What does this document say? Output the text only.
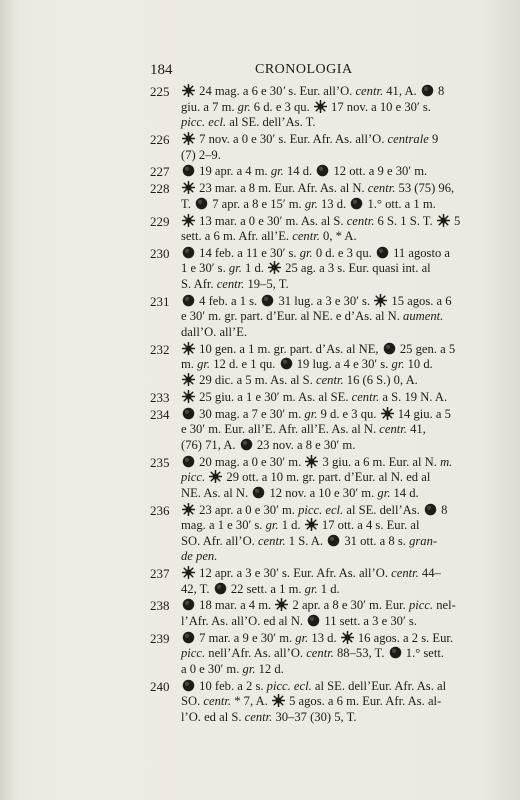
184	CRONOLOGIA
225	24 mag. a 6 e 30′ s. Eur. all’O. centr. 41, A.
8
giu. a 7 m. gr. 6 d. e 3 qu.
17 nov. a 10 e 30′ s.
picc. ecl. al SE. dell’As. T.
226	7 nov. a 0 e 30′ s. Eur. Afr. As. all’O. centrale 9
(7) 2–9.
227	19 apr. a 4 m. gr. 14 d.
12 ott. a 9 e 30′ m.
228	23 mar. a 8 m. Eur. Afr. As. al N. centr. 53 (75) 96,
T.
7 apr. a 8 e 15′ m. gr. 13 d.
1.° ott. a 1 m.
229	13 mar. a 0 e 30′ m. As. al S. centr. 6 S. 1 S. T.
5
sett. a 6 m. Afr. all’E. centr. 0, * A.
230	14 feb. a 11 e 30′ s. gr. 0 d. e 3 qu.
11 agosto a
1 e 30′ s. gr. 1 d.
25 ag. a 3 s. Eur. quasi int. al
S. Afr. centr. 19–5, T.
231	4 feb. a 1 s.
31 lug. a 3 e 30′ s.
15 agos. a 6
e 30′ m. gr. part. d’Eur. al NE. e d’As. al N. aument.
dall’O. all’E.
232	10 gen. a 1 m. gr. part. d’As. al NE,
25 gen. a 5
m. gr. 12 d. e 1 qu.
19 lug. a 4 e 30′ s. gr. 10 d.
29 dic. a 5 m. As. al S. centr. 16 (6 S.) 0, A.
233	25 giu. a 1 e 30′ m. As. al SE. centr. a S. 19 N. A.
234	30 mag. a 7 e 30′ m. gr. 9 d. e 3 qu.
14 giu. a 5
e 30′ m. Eur. all’E. Afr. all’E. As. al N. centr. 41,
(76) 71, A.
23 nov. a 8 e 30′ m.
235	20 mag. a 0 e 30′ m.
3 giu. a 6 m. Eur. al N. m.
picc.
29 ott. a 10 m. gr. part. d’Eur. al N. ed al
NE. As. al N.
12 nov. a 10 e 30′ m. gr. 14 d.
236	23 apr. a 0 e 30′ m. picc. ecl. al SE. dell’As.
8
mag. a 1 e 30′ s. gr. 1 d.
17 ott. a 4 s. Eur. al
SO. Afr. all’O. centr. 1 S. A.
31 ott. a 8 s. gran-
de pen.
237	12 apr. a 3 e 30′ s. Eur. Afr. As. all’O. centr. 44–
42, T.
22 sett. a 1 m. gr. 1 d.
238	18 mar. a 4 m.
2 apr. a 8 e 30′ m. Eur. picc. nel-
l’Afr. As. all’O. ed al N.
11 sett. a 3 e 30′ s.
239	7 mar. a 9 e 30′ m. gr. 13 d.
16 agos. a 2 s. Eur.
picc. nell’Afr. As. all’O. centr. 88–53, T.
1.° sett.
a 0 e 30′ m. gr. 12 d.
240	10 feb. a 2 s. picc. ecl. al SE. dell’Eur. Afr. As. al
SO. centr. * 7, A.
5 agos. a 6 m. Eur. Afr. As. al-
l’O. ed al S. centr. 30–37 (30) 5, T.
